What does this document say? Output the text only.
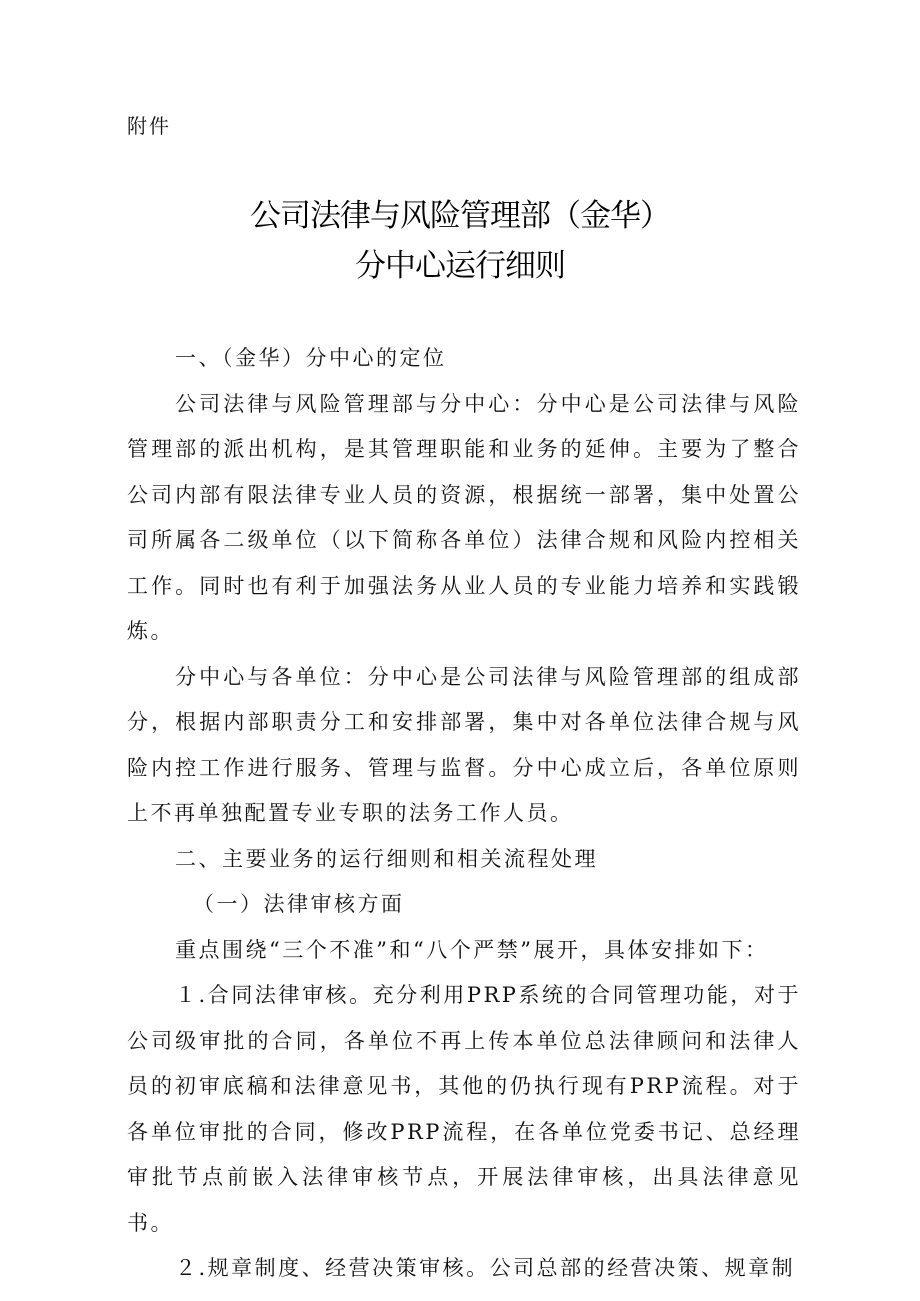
附件
公司法律与风险管理部（金华）
分中心运行细则

一、（金华）分中心的定位

公司法律与风险管理部与分中心：分中心是公司法律与风险管理部的派出机构，是其管理职能和业务的延伸。主要为了整合公司内部有限法律专业人员的资源，根据统一部署，集中处置公司所属各二级单位（以下简称各单位）法律合规和风险内控相关工作。同时也有利于加强法务从业人员的专业能力培养和实践锻炼。

分中心与各单位：分中心是公司法律与风险管理部的组成部分，根据内部职责分工和安排部署，集中对各单位法律合规与风险内控工作进行服务、管理与监督。分中心成立后，各单位原则上不再单独配置专业专职的法务工作人员。

二、主要业务的运行细则和相关流程处理

（一）法律审核方面

重点围绕“三个不准”和“八个严禁”展开，具体安排如下：

１.合同法律审核。充分利用PRP系统的合同管理功能，对于公司级审批的合同，各单位不再上传本单位总法律顾问和法律人员的初审底稿和法律意见书，其他的仍执行现有PRP流程。对于各单位审批的合同，修改PRP流程，在各单位党委书记、总经理审批节点前嵌入法律审核节点，开展法律审核，出具法律意见书。

２.规章制度、经营决策审核。公司总部的经营决策、规章制
